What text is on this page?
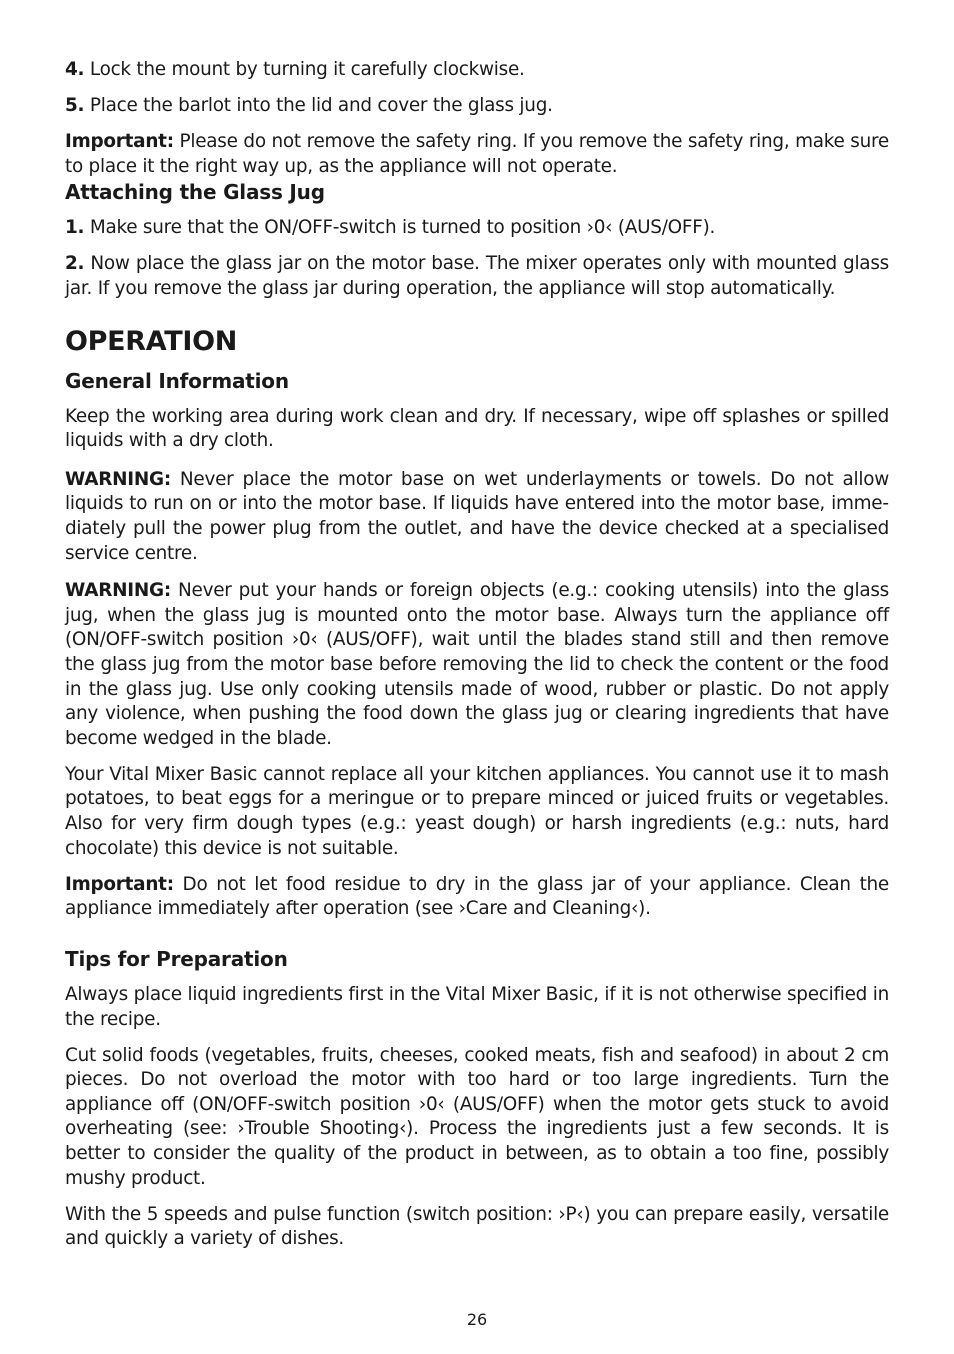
4. Lock the mount by turning it carefully clockwise.

5. Place the barlot into the lid and cover the glass jug.

Important: Please do not remove the safety ring. If you remove the safety ring, make sure to place it the right way up, as the appliance will not operate.

Attaching the Glass Jug

1. Make sure that the ON/OFF-switch is turned to position ›0‹ (AUS/OFF).

2. Now place the glass jar on the motor base. The mixer operates only with mounted glass jar. If you remove the glass jar during operation, the appliance will stop automatically.

OPERATION
General Information

Keep the working area during work clean and dry. If necessary, wipe off splashes or spilled liquids with a dry cloth.

WARNING: Never place the motor base on wet underlayments or towels. Do not allow liquids to run on or into the motor base. If liquids have entered into the motor base, immediately pull the power plug from the outlet, and have the device checked at a specialised service centre.

WARNING: Never put your hands or foreign objects (e.g.: cooking utensils) into the glass jug, when the glass jug is mounted onto the motor base. Always turn the appliance off (ON/OFF-switch position ›0‹ (AUS/OFF), wait until the blades stand still and then remove the glass jug from the motor base before removing the lid to check the content or the food in the glass jug. Use only cooking utensils made of wood, rubber or plastic. Do not apply any violence, when pushing the food down the glass jug or clearing ingredients that have become wedged in the blade.

Your Vital Mixer Basic cannot replace all your kitchen appliances. You cannot use it to mash potatoes, to beat eggs for a meringue or to prepare minced or juiced fruits or vegetables. Also for very firm dough types (e.g.: yeast dough) or harsh ingredients (e.g.: nuts, hard chocolate) this device is not suitable.

Important: Do not let food residue to dry in the glass jar of your appliance. Clean the appliance immediately after operation (see ›Care and Cleaning‹).

Tips for Preparation

Always place liquid ingredients first in the Vital Mixer Basic, if it is not otherwise specified in the recipe.

Cut solid foods (vegetables, fruits, cheeses, cooked meats, fish and seafood) in about 2 cm pieces. Do not overload the motor with too hard or too large ingredients. Turn the appliance off (ON/OFF-switch position ›0‹ (AUS/OFF) when the motor gets stuck to avoid overheating (see: ›Trouble Shooting‹). Process the ingredients just a few seconds. It is better to consider the quality of the product in between, as to obtain a too fine, possibly mushy product.

With the 5 speeds and pulse function (switch position: ›P‹) you can prepare easily, versatile and quickly a variety of dishes.

26
